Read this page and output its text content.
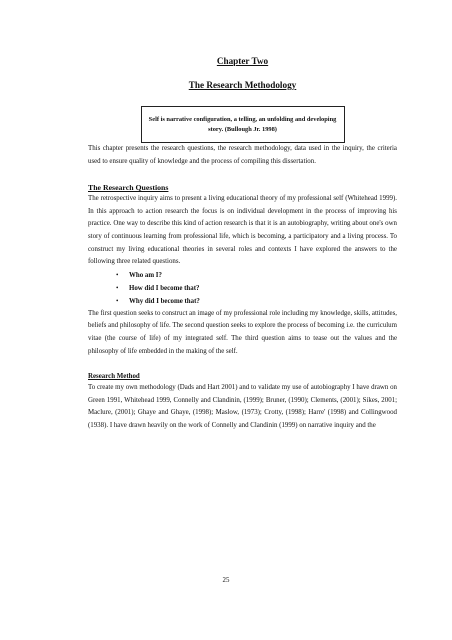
Chapter Two
The Research Methodology
Self is narrative configuration, a telling, an unfolding and developing story. (Bullough Jr. 1998)

This chapter presents the research questions, the research methodology, data used in the inquiry, the criteria used to ensure quality of knowledge and the process of compiling this dissertation.

The Research Questions

The retrospective inquiry aims to present a living educational theory of my professional self (Whitehead 1999). In this approach to action research the focus is on individual development in the process of improving his practice. One way to describe this kind of action research is that it is an autobiography, writing about one's own story of continuous learning from professional life, which is becoming, a participatory and a living process. To construct my living educational theories in several roles and contexts I have explored the answers to the following three related questions.

• Who am I?
• How did I become that?
• Why did I become that?

The first question seeks to construct an image of my professional role including my knowledge, skills, attitudes, beliefs and philosophy of life. The second question seeks to explore the process of becoming i.e. the curriculum vitae (the course of life) of my integrated self. The third question aims to tease out the values and the philosophy of life embedded in the making of the self.

Research Method

To create my own methodology (Dads and Hart 2001) and to validate my use of autobiography I have drawn on Green 1991, Whitehead 1999, Connelly and Clandinin, (1999); Bruner, (1990); Clements, (2001); Sikes, 2001; Maclure, (2001); Ghaye and Ghaye, (1998); Maslow, (1973); Crotty, (1998); Harre' (1998) and Collingwood (1938). I have drawn heavily on the work of Connelly and Clandinin (1999) on narrative inquiry and the

25
